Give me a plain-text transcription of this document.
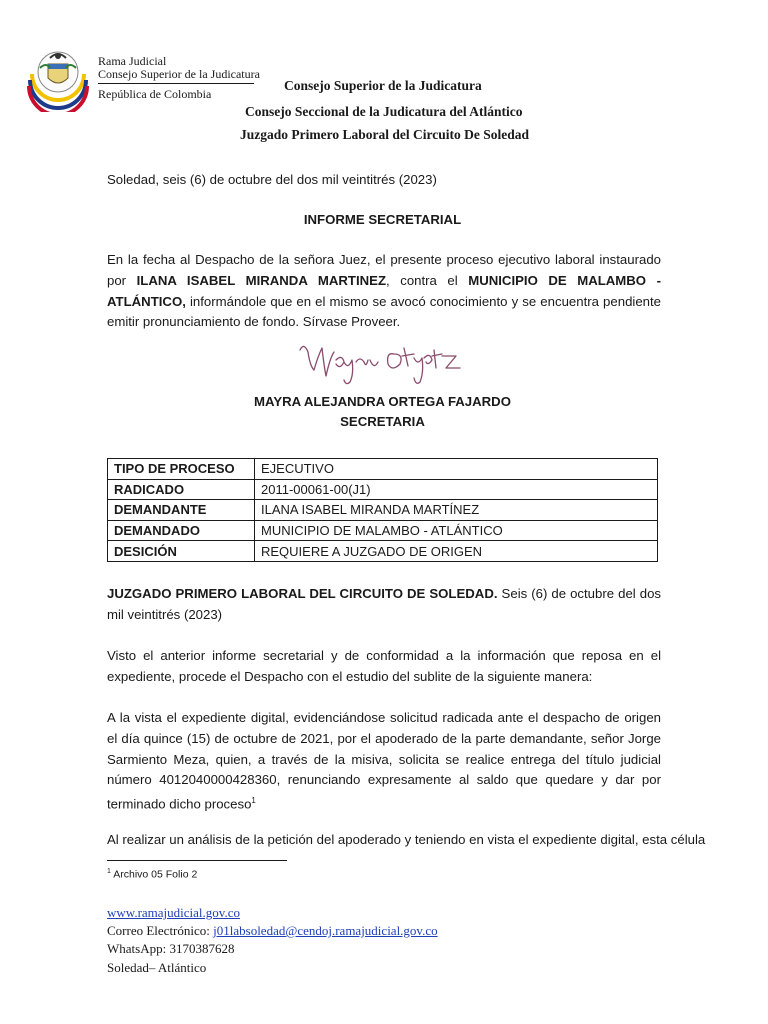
Rama Judicial
Consejo Superior de la Judicatura
República de Colombia
Consejo Superior de la Judicatura
Consejo Seccional de la Judicatura del Atlántico
Juzgado Primero Laboral del Circuito De Soledad
Soledad, seis (6) de octubre del dos mil veintitrés (2023)
INFORME SECRETARIAL
En la fecha al Despacho de la señora Juez, el presente proceso ejecutivo laboral instaurado por ILANA ISABEL MIRANDA MARTINEZ, contra el MUNICIPIO DE MALAMBO - ATLÁNTICO, informándole que en el mismo se avocó conocimiento y se encuentra pendiente emitir pronunciamiento de fondo. Sírvase Proveer.
MAYRA ALEJANDRA ORTEGA FAJARDO
SECRETARIA
TIPO DE PROCESO	EJECUTIVO
RADICADO	2011-00061-00(J1)
DEMANDANTE	ILANA ISABEL MIRANDA MARTÍNEZ
DEMANDADO	MUNICIPIO DE MALAMBO - ATLÁNTICO
DESICIÓN	REQUIERE A JUZGADO DE ORIGEN
JUZGADO PRIMERO LABORAL DEL CIRCUITO DE SOLEDAD. Seis (6) de octubre del dos mil veintitrés (2023)
Visto el anterior informe secretarial y de conformidad a la información que reposa en el expediente, procede el Despacho con el estudio del sublite de la siguiente manera:
A la vista el expediente digital, evidenciándose solicitud radicada ante el despacho de origen el día quince (15) de octubre de 2021, por el apoderado de la parte demandante, señor Jorge Sarmiento Meza, quien, a través de la misiva, solicita se realice entrega del título judicial número 4012040000428360, renunciando expresamente al saldo que quedare y dar por terminado dicho proceso$^1$
Al realizar un análisis de la petición del apoderado y teniendo en vista el expediente digital, esta célula
$^1$ Archivo 05 Folio 2
www.ramajudicial.gov.co
Correo Electrónico: j01labsoledad@cendoj.ramajudicial.gov.co
WhatsApp: 3170387628
Soledad– Atlántico
